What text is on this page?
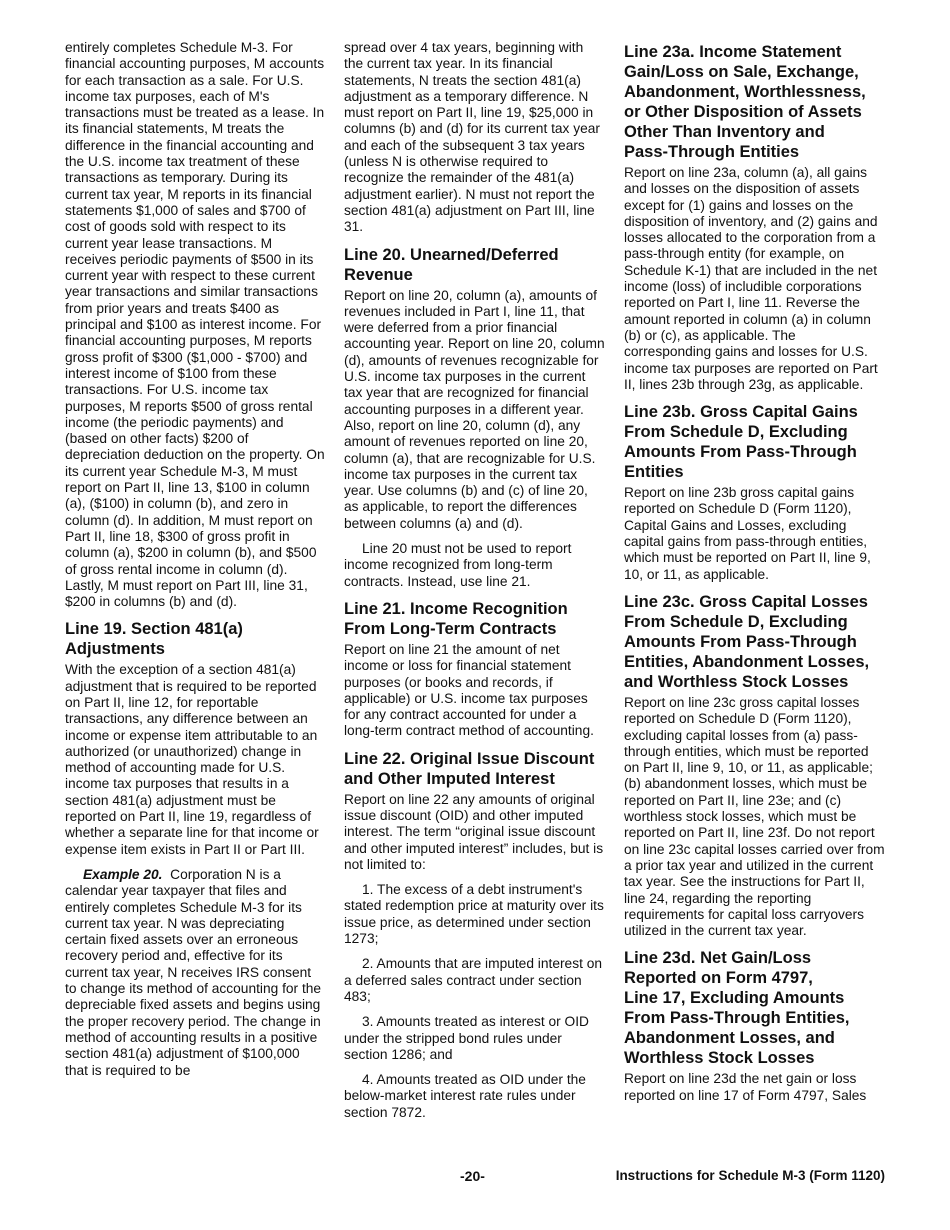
entirely completes Schedule M-3. For financial accounting purposes, M accounts for each transaction as a sale. For U.S. income tax purposes, each of M's transactions must be treated as a lease. In its financial statements, M treats the difference in the financial accounting and the U.S. income tax treatment of these transactions as temporary. During its current tax year, M reports in its financial statements $1,000 of sales and $700 of cost of goods sold with respect to its current year lease transactions. M receives periodic payments of $500 in its current year with respect to these current year transactions and similar transactions from prior years and treats $400 as principal and $100 as interest income. For financial accounting purposes, M reports gross profit of $300 ($1,000 - $700) and interest income of $100 from these transactions. For U.S. income tax purposes, M reports $500 of gross rental income (the periodic payments) and (based on other facts) $200 of depreciation deduction on the property. On its current year Schedule M-3, M must report on Part II, line 13, $100 in column (a), ($100) in column (b), and zero in column (d). In addition, M must report on Part II, line 18, $300 of gross profit in column (a), $200 in column (b), and $500 of gross rental income in column (d). Lastly, M must report on Part III, line 31, $200 in columns (b) and (d).

Line 19. Section 481(a)
Adjustments

With the exception of a section 481(a) adjustment that is required to be reported on Part II, line 12, for reportable transactions, any difference between an income or expense item attributable to an authorized (or unauthorized) change in method of accounting made for U.S. income tax purposes that results in a section 481(a) adjustment must be reported on Part II, line 19, regardless of whether a separate line for that income or expense item exists in Part II or Part III.

Example 20. Corporation N is a calendar year taxpayer that files and entirely completes Schedule M-3 for its current tax year. N was depreciating certain fixed assets over an erroneous recovery period and, effective for its current tax year, N receives IRS consent to change its method of accounting for the depreciable fixed assets and begins using the proper recovery period. The change in method of accounting results in a positive section 481(a) adjustment of $100,000 that is required to be

spread over 4 tax years, beginning with the current tax year. In its financial statements, N treats the section 481(a) adjustment as a temporary difference. N must report on Part II, line 19, $25,000 in columns (b) and (d) for its current tax year and each of the subsequent 3 tax years (unless N is otherwise required to recognize the remainder of the 481(a) adjustment earlier). N must not report the section 481(a) adjustment on Part III, line 31.

Line 20. Unearned/Deferred
Revenue

Report on line 20, column (a), amounts of revenues included in Part I, line 11, that were deferred from a prior financial accounting year. Report on line 20, column (d), amounts of revenues recognizable for U.S. income tax purposes in the current tax year that are recognized for financial accounting purposes in a different year. Also, report on line 20, column (d), any amount of revenues reported on line 20, column (a), that are recognizable for U.S. income tax purposes in the current tax year. Use columns (b) and (c) of line 20, as applicable, to report the differences between columns (a) and (d).

Line 20 must not be used to report income recognized from long-term contracts. Instead, use line 21.

Line 21. Income Recognition
From Long-Term Contracts

Report on line 21 the amount of net income or loss for financial statement purposes (or books and records, if applicable) or U.S. income tax purposes for any contract accounted for under a long-term contract method of accounting.

Line 22. Original Issue Discount
and Other Imputed Interest

Report on line 22 any amounts of original issue discount (OID) and other imputed interest. The term “original issue discount and other imputed interest” includes, but is not limited to:

1. The excess of a debt instrument's stated redemption price at maturity over its issue price, as determined under section 1273;

2. Amounts that are imputed interest on a deferred sales contract under section 483;

3. Amounts treated as interest or OID under the stripped bond rules under section 1286; and

4. Amounts treated as OID under the below-market interest rate rules under section 7872.

Line 23a. Income Statement
Gain/Loss on Sale, Exchange,
Abandonment, Worthlessness,
or Other Disposition of Assets
Other Than Inventory and
Pass-Through Entities

Report on line 23a, column (a), all gains and losses on the disposition of assets except for (1) gains and losses on the disposition of inventory, and (2) gains and losses allocated to the corporation from a pass-through entity (for example, on Schedule K-1) that are included in the net income (loss) of includible corporations reported on Part I, line 11. Reverse the amount reported in column (a) in column (b) or (c), as applicable. The corresponding gains and losses for U.S. income tax purposes are reported on Part II, lines 23b through 23g, as applicable.

Line 23b. Gross Capital Gains
From Schedule D, Excluding
Amounts From Pass-Through
Entities

Report on line 23b gross capital gains reported on Schedule D (Form 1120), Capital Gains and Losses, excluding capital gains from pass-through entities, which must be reported on Part II, line 9, 10, or 11, as applicable.

Line 23c. Gross Capital Losses
From Schedule D, Excluding
Amounts From Pass-Through
Entities, Abandonment Losses,
and Worthless Stock Losses

Report on line 23c gross capital losses reported on Schedule D (Form 1120), excluding capital losses from (a) pass-through entities, which must be reported on Part II, line 9, 10, or 11, as applicable; (b) abandonment losses, which must be reported on Part II, line 23e; and (c) worthless stock losses, which must be reported on Part II, line 23f. Do not report on line 23c capital losses carried over from a prior tax year and utilized in the current tax year. See the instructions for Part II, line 24, regarding the reporting requirements for capital loss carryovers utilized in the current tax year.

Line 23d. Net Gain/Loss
Reported on Form 4797,
Line 17, Excluding Amounts
From Pass-Through Entities,
Abandonment Losses, and
Worthless Stock Losses

Report on line 23d the net gain or loss reported on line 17 of Form 4797, Sales

-20-	Instructions for Schedule M-3 (Form 1120)
